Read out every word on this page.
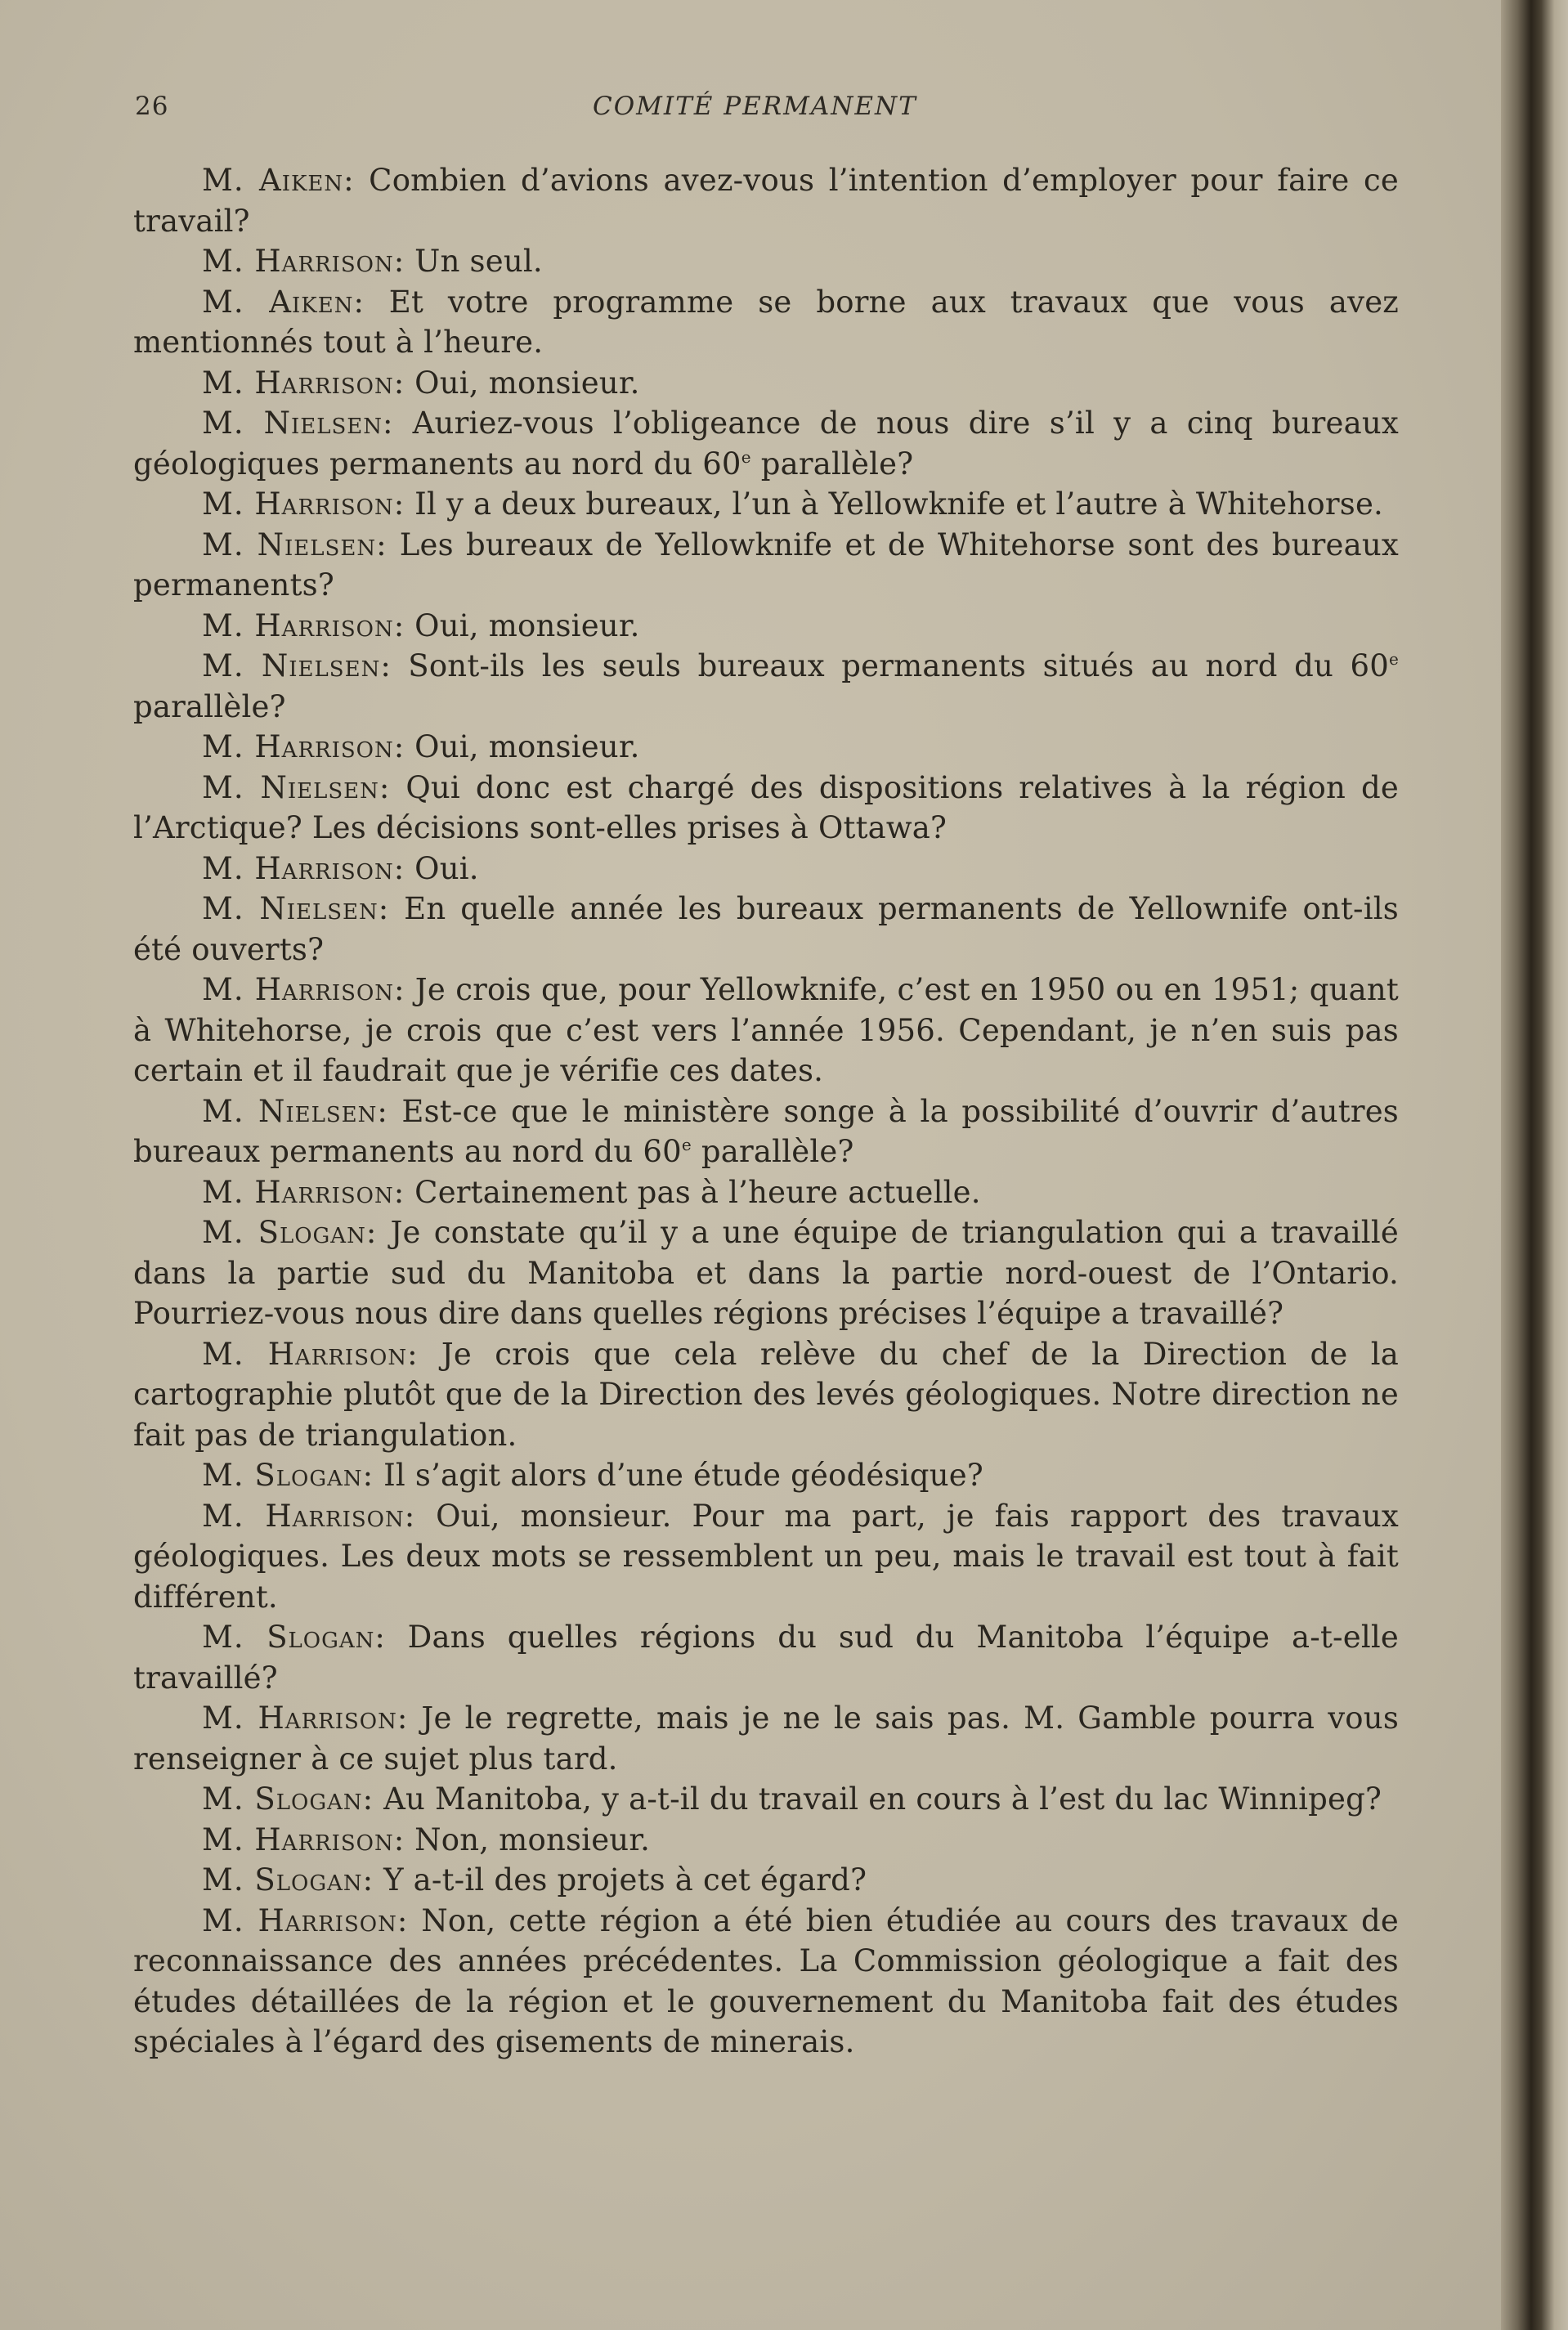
26	COMITÉ PERMANENT

M. Aiken: Combien d’avions avez-vous l’intention d’employer pour faire ce travail?

M. Harrison: Un seul.

M. Aiken: Et votre programme se borne aux travaux que vous avez mentionnés tout à l’heure.

M. Harrison: Oui, monsieur.

M. Nielsen: Auriez-vous l’obligeance de nous dire s’il y a cinq bureaux géologiques permanents au nord du 60e parallèle?

M. Harrison: Il y a deux bureaux, l’un à Yellowknife et l’autre à Whitehorse.

M. Nielsen: Les bureaux de Yellowknife et de Whitehorse sont des bureaux permanents?

M. Harrison: Oui, monsieur.

M. Nielsen: Sont-ils les seuls bureaux permanents situés au nord du 60e parallèle?

M. Harrison: Oui, monsieur.

M. Nielsen: Qui donc est chargé des dispositions relatives à la région de l’Arctique? Les décisions sont-elles prises à Ottawa?

M. Harrison: Oui.

M. Nielsen: En quelle année les bureaux permanents de Yellownife ont-ils été ouverts?

M. Harrison: Je crois que, pour Yellowknife, c’est en 1950 ou en 1951; quant à Whitehorse, je crois que c’est vers l’année 1956. Cependant, je n’en suis pas certain et il faudrait que je vérifie ces dates.

M. Nielsen: Est-ce que le ministère songe à la possibilité d’ouvrir d’autres bureaux permanents au nord du 60e parallèle?

M. Harrison: Certainement pas à l’heure actuelle.

M. Slogan: Je constate qu’il y a une équipe de triangulation qui a travaillé dans la partie sud du Manitoba et dans la partie nord-ouest de l’Ontario. Pourriez-vous nous dire dans quelles régions précises l’équipe a travaillé?

M. Harrison: Je crois que cela relève du chef de la Direction de la cartographie plutôt que de la Direction des levés géologiques. Notre direction ne fait pas de triangulation.

M. Slogan: Il s’agit alors d’une étude géodésique?

M. Harrison: Oui, monsieur. Pour ma part, je fais rapport des travaux géologiques. Les deux mots se ressemblent un peu, mais le travail est tout à fait différent.

M. Slogan: Dans quelles régions du sud du Manitoba l’équipe a-t-elle travaillé?

M. Harrison: Je le regrette, mais je ne le sais pas. M. Gamble pourra vous renseigner à ce sujet plus tard.

M. Slogan: Au Manitoba, y a-t-il du travail en cours à l’est du lac Winnipeg?

M. Harrison: Non, monsieur.

M. Slogan: Y a-t-il des projets à cet égard?

M. Harrison: Non, cette région a été bien étudiée au cours des travaux de reconnaissance des années précédentes. La Commission géologique a fait des études détaillées de la région et le gouvernement du Manitoba fait des études spéciales à l’égard des gisements de minerais.
